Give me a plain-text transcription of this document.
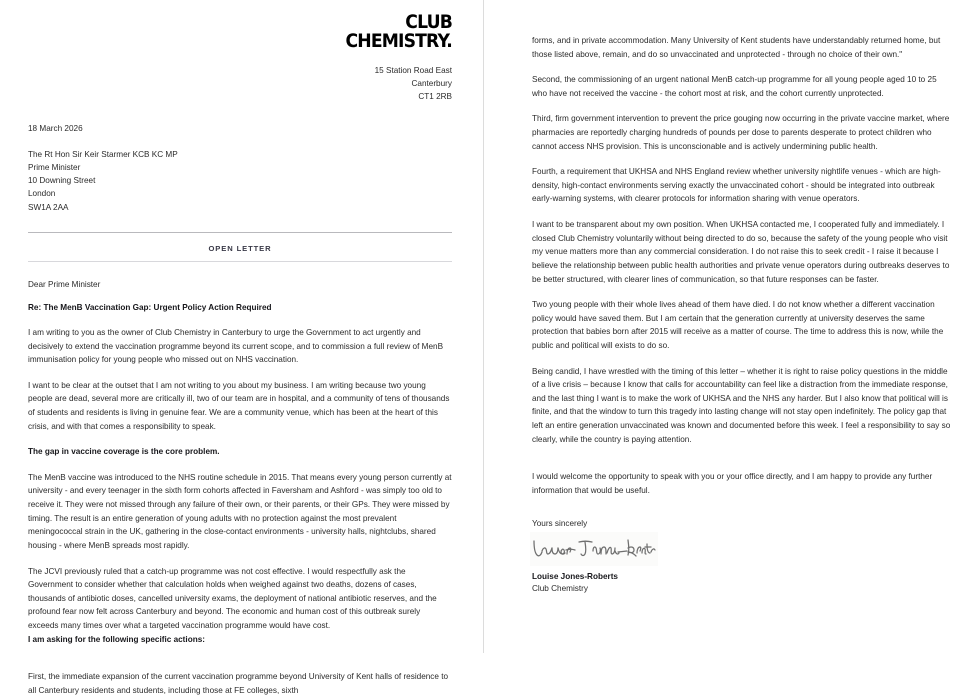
CLUB
CHEMISTRY.
15 Station Road East
Canterbury
CT1 2RB
18 March 2026
The Rt Hon Sir Keir Starmer KCB KC MP
Prime Minister
10 Downing Street
London
SW1A 2AA
OPEN LETTER
Dear Prime Minister
Re: The MenB Vaccination Gap: Urgent Policy Action Required

I am writing to you as the owner of Club Chemistry in Canterbury to urge the Government to act urgently and decisively to extend the vaccination programme beyond its current scope, and to commission a full review of MenB immunisation policy for young people who missed out on NHS vaccination.

I want to be clear at the outset that I am not writing to you about my business. I am writing because two young people are dead, several more are critically ill, two of our team are in hospital, and a community of tens of thousands of students and residents is living in genuine fear. We are a community venue, which has been at the heart of this crisis, and with that comes a responsibility to speak.

The gap in vaccine coverage is the core problem.

The MenB vaccine was introduced to the NHS routine schedule in 2015. That means every young person currently at university - and every teenager in the sixth form cohorts affected in Faversham and Ashford - was simply too old to receive it. They were not missed through any failure of their own, or their parents, or their GPs. They were missed by timing. The result is an entire generation of young adults with no protection against the most prevalent meningococcal strain in the UK, gathering in the close-contact environments - university halls, nightclubs, shared housing - where MenB spreads most rapidly.

The JCVI previously ruled that a catch-up programme was not cost effective. I would respectfully ask the Government to consider whether that calculation holds when weighed against two deaths, dozens of cases, thousands of antibiotic doses, cancelled university exams, the deployment of national antibiotic reserves, and the profound fear now felt across Canterbury and beyond. The economic and human cost of this outbreak surely exceeds many times over what a targeted vaccination programme would have cost.

I am asking for the following specific actions:

First, the immediate expansion of the current vaccination programme beyond University of Kent halls of residence to all Canterbury residents and students, including those at FE colleges, sixth

forms, and in private accommodation. Many University of Kent students have understandably returned home, but those listed above, remain, and do so unvaccinated and unprotected - through no choice of their own."

Second, the commissioning of an urgent national MenB catch-up programme for all young people aged 10 to 25 who have not received the vaccine - the cohort most at risk, and the cohort currently unprotected.

Third, firm government intervention to prevent the price gouging now occurring in the private vaccine market, where pharmacies are reportedly charging hundreds of pounds per dose to parents desperate to protect children who cannot access NHS provision. This is unconscionable and is actively undermining public health.

Fourth, a requirement that UKHSA and NHS England review whether university nightlife venues - which are high-density, high-contact environments serving exactly the unvaccinated cohort - should be integrated into outbreak early-warning systems, with clearer protocols for information sharing with venue operators.

I want to be transparent about my own position. When UKHSA contacted me, I cooperated fully and immediately. I closed Club Chemistry voluntarily without being directed to do so, because the safety of the young people who visit my venue matters more than any commercial consideration. I do not raise this to seek credit - I raise it because I believe the relationship between public health authorities and private venue operators during outbreaks deserves to be better structured, with clearer lines of communication, so that future responses can be faster.

Two young people with their whole lives ahead of them have died. I do not know whether a different vaccination policy would have saved them. But I am certain that the generation currently at university deserves the same protection that babies born after 2015 will receive as a matter of course. The time to address this is now, while the public and political will exists to do so.

Being candid, I have wrestled with the timing of this letter – whether it is right to raise policy questions in the middle of a live crisis – because I know that calls for accountability can feel like a distraction from the immediate response, and the last thing I want is to make the work of UKHSA and the NHS any harder. But I also know that political will is finite, and that the window to turn this tragedy into lasting change will not stay open indefinitely. The policy gap that left an entire generation unvaccinated was known and documented before this week. I feel a responsibility to say so clearly, while the country is paying attention.

I would welcome the opportunity to speak with you or your office directly, and I am happy to provide any further information that would be useful.

Yours sincerely
Louise Jones-Roberts
Club Chemistry
